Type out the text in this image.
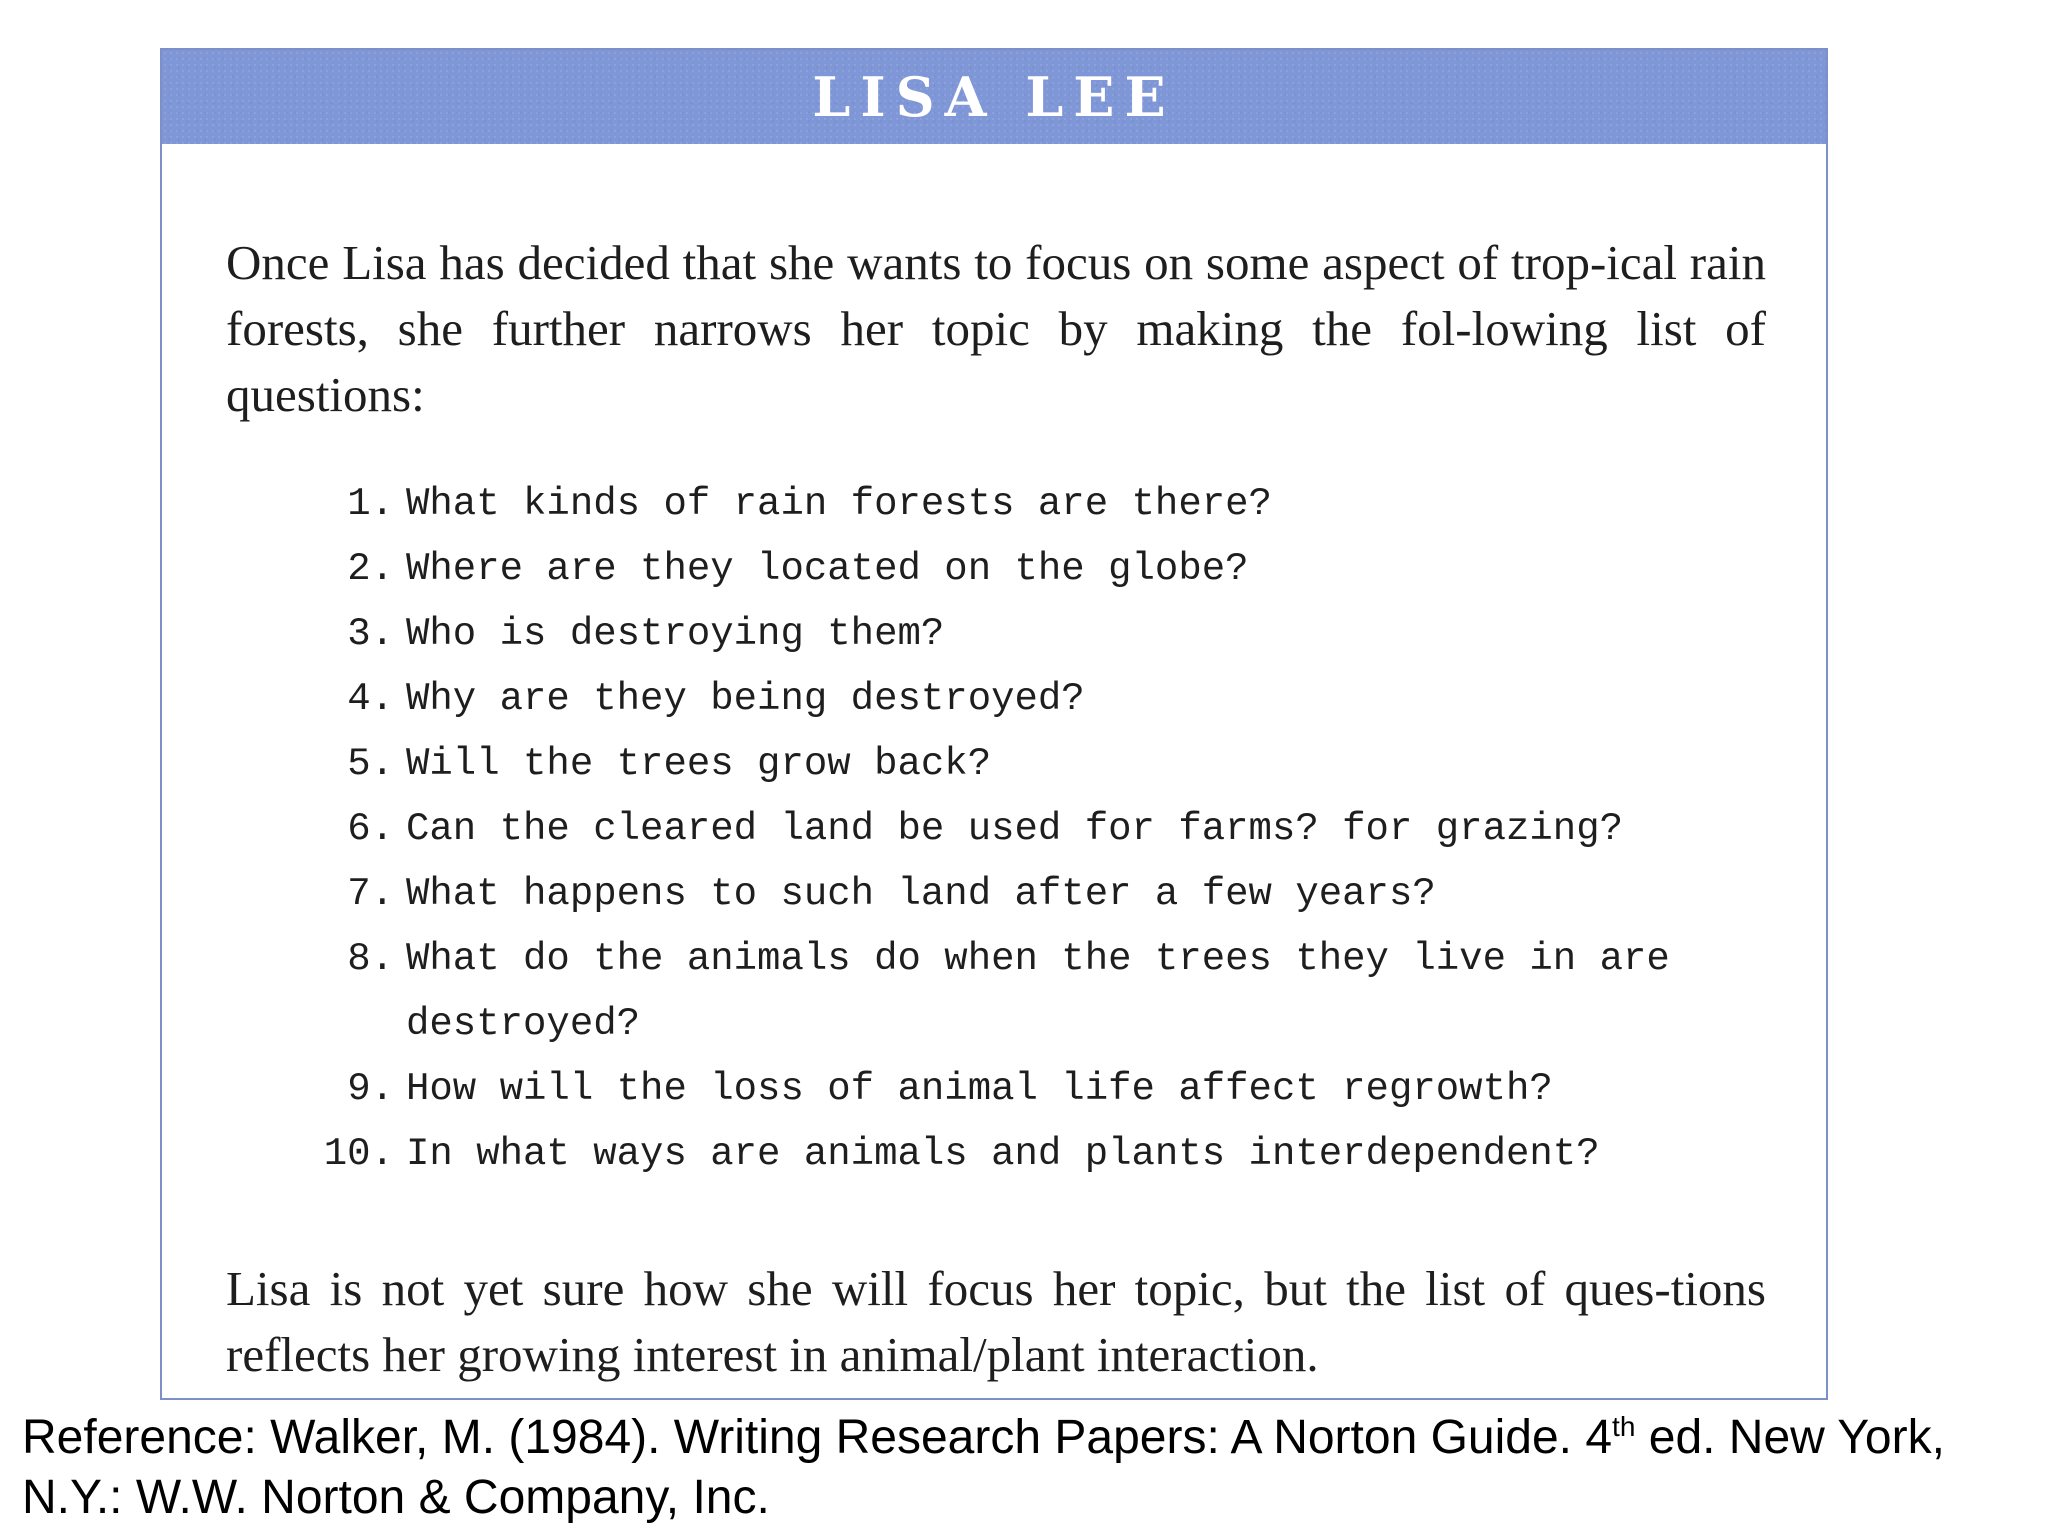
LISA LEE

Once Lisa has decided that she wants to focus on some aspect of trop-ical rain forests, she further narrows her topic by making the fol-lowing list of questions:

1. What kinds of rain forests are there?
2. Where are they located on the globe?
3. Who is destroying them?
4. Why are they being destroyed?
5. Will the trees grow back?
6. Can the cleared land be used for farms? for grazing?
7. What happens to such land after a few years?
8. What do the animals do when the trees they live in are destroyed?
9. How will the loss of animal life affect regrowth?
10. In what ways are animals and plants interdependent?

Lisa is not yet sure how she will focus her topic, but the list of ques-tions reflects her growing interest in animal/plant interaction.

Reference: Walker, M. (1984). Writing Research Papers: A Norton Guide. 4th ed. New York, N.Y.: W.W. Norton & Company, Inc.
